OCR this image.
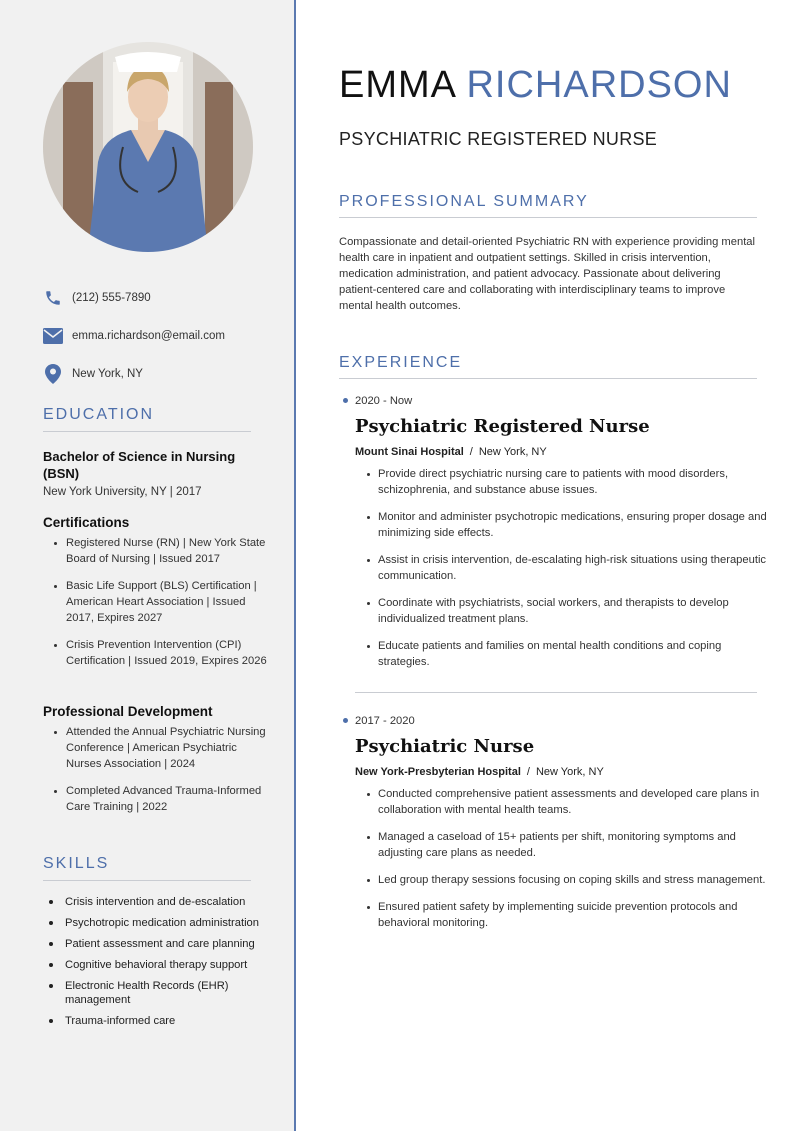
(212) 555-7890
emma.richardson@email.com
New York, NY
EDUCATION
Bachelor of Science in Nursing (BSN)
New York University, NY | 2017
Certifications
Registered Nurse (RN) | New York State Board of Nursing | Issued 2017
Basic Life Support (BLS) Certification | American Heart Association | Issued 2017, Expires 2027
Crisis Prevention Intervention (CPI) Certification | Issued 2019, Expires 2026
Professional Development
Attended the Annual Psychiatric Nursing Conference | American Psychiatric Nurses Association | 2024
Completed Advanced Trauma-Informed Care Training | 2022
SKILLS
Crisis intervention and de-escalation
Psychotropic medication administration
Patient assessment and care planning
Cognitive behavioral therapy support
Electronic Health Records (EHR) management
Trauma-informed care
EMMA RICHARDSON
PSYCHIATRIC REGISTERED NURSE
PROFESSIONAL SUMMARY

Compassionate and detail-oriented Psychiatric RN with experience providing mental health care in inpatient and outpatient settings. Skilled in crisis intervention, medication administration, and patient advocacy. Passionate about delivering patient-centered care and collaborating with interdisciplinary teams to improve mental health outcomes.

EXPERIENCE
2020 - Now
Psychiatric Registered Nurse
Mount Sinai Hospital / New York, NY
Provide direct psychiatric nursing care to patients with mood disorders, schizophrenia, and substance abuse issues.
Monitor and administer psychotropic medications, ensuring proper dosage and minimizing side effects.
Assist in crisis intervention, de-escalating high-risk situations using therapeutic communication.
Coordinate with psychiatrists, social workers, and therapists to develop individualized treatment plans.
Educate patients and families on mental health conditions and coping strategies.
2017 - 2020
Psychiatric Nurse
New York-Presbyterian Hospital / New York, NY
Conducted comprehensive patient assessments and developed care plans in collaboration with mental health teams.
Managed a caseload of 15+ patients per shift, monitoring symptoms and adjusting care plans as needed.
Led group therapy sessions focusing on coping skills and stress management.
Ensured patient safety by implementing suicide prevention protocols and behavioral monitoring.
